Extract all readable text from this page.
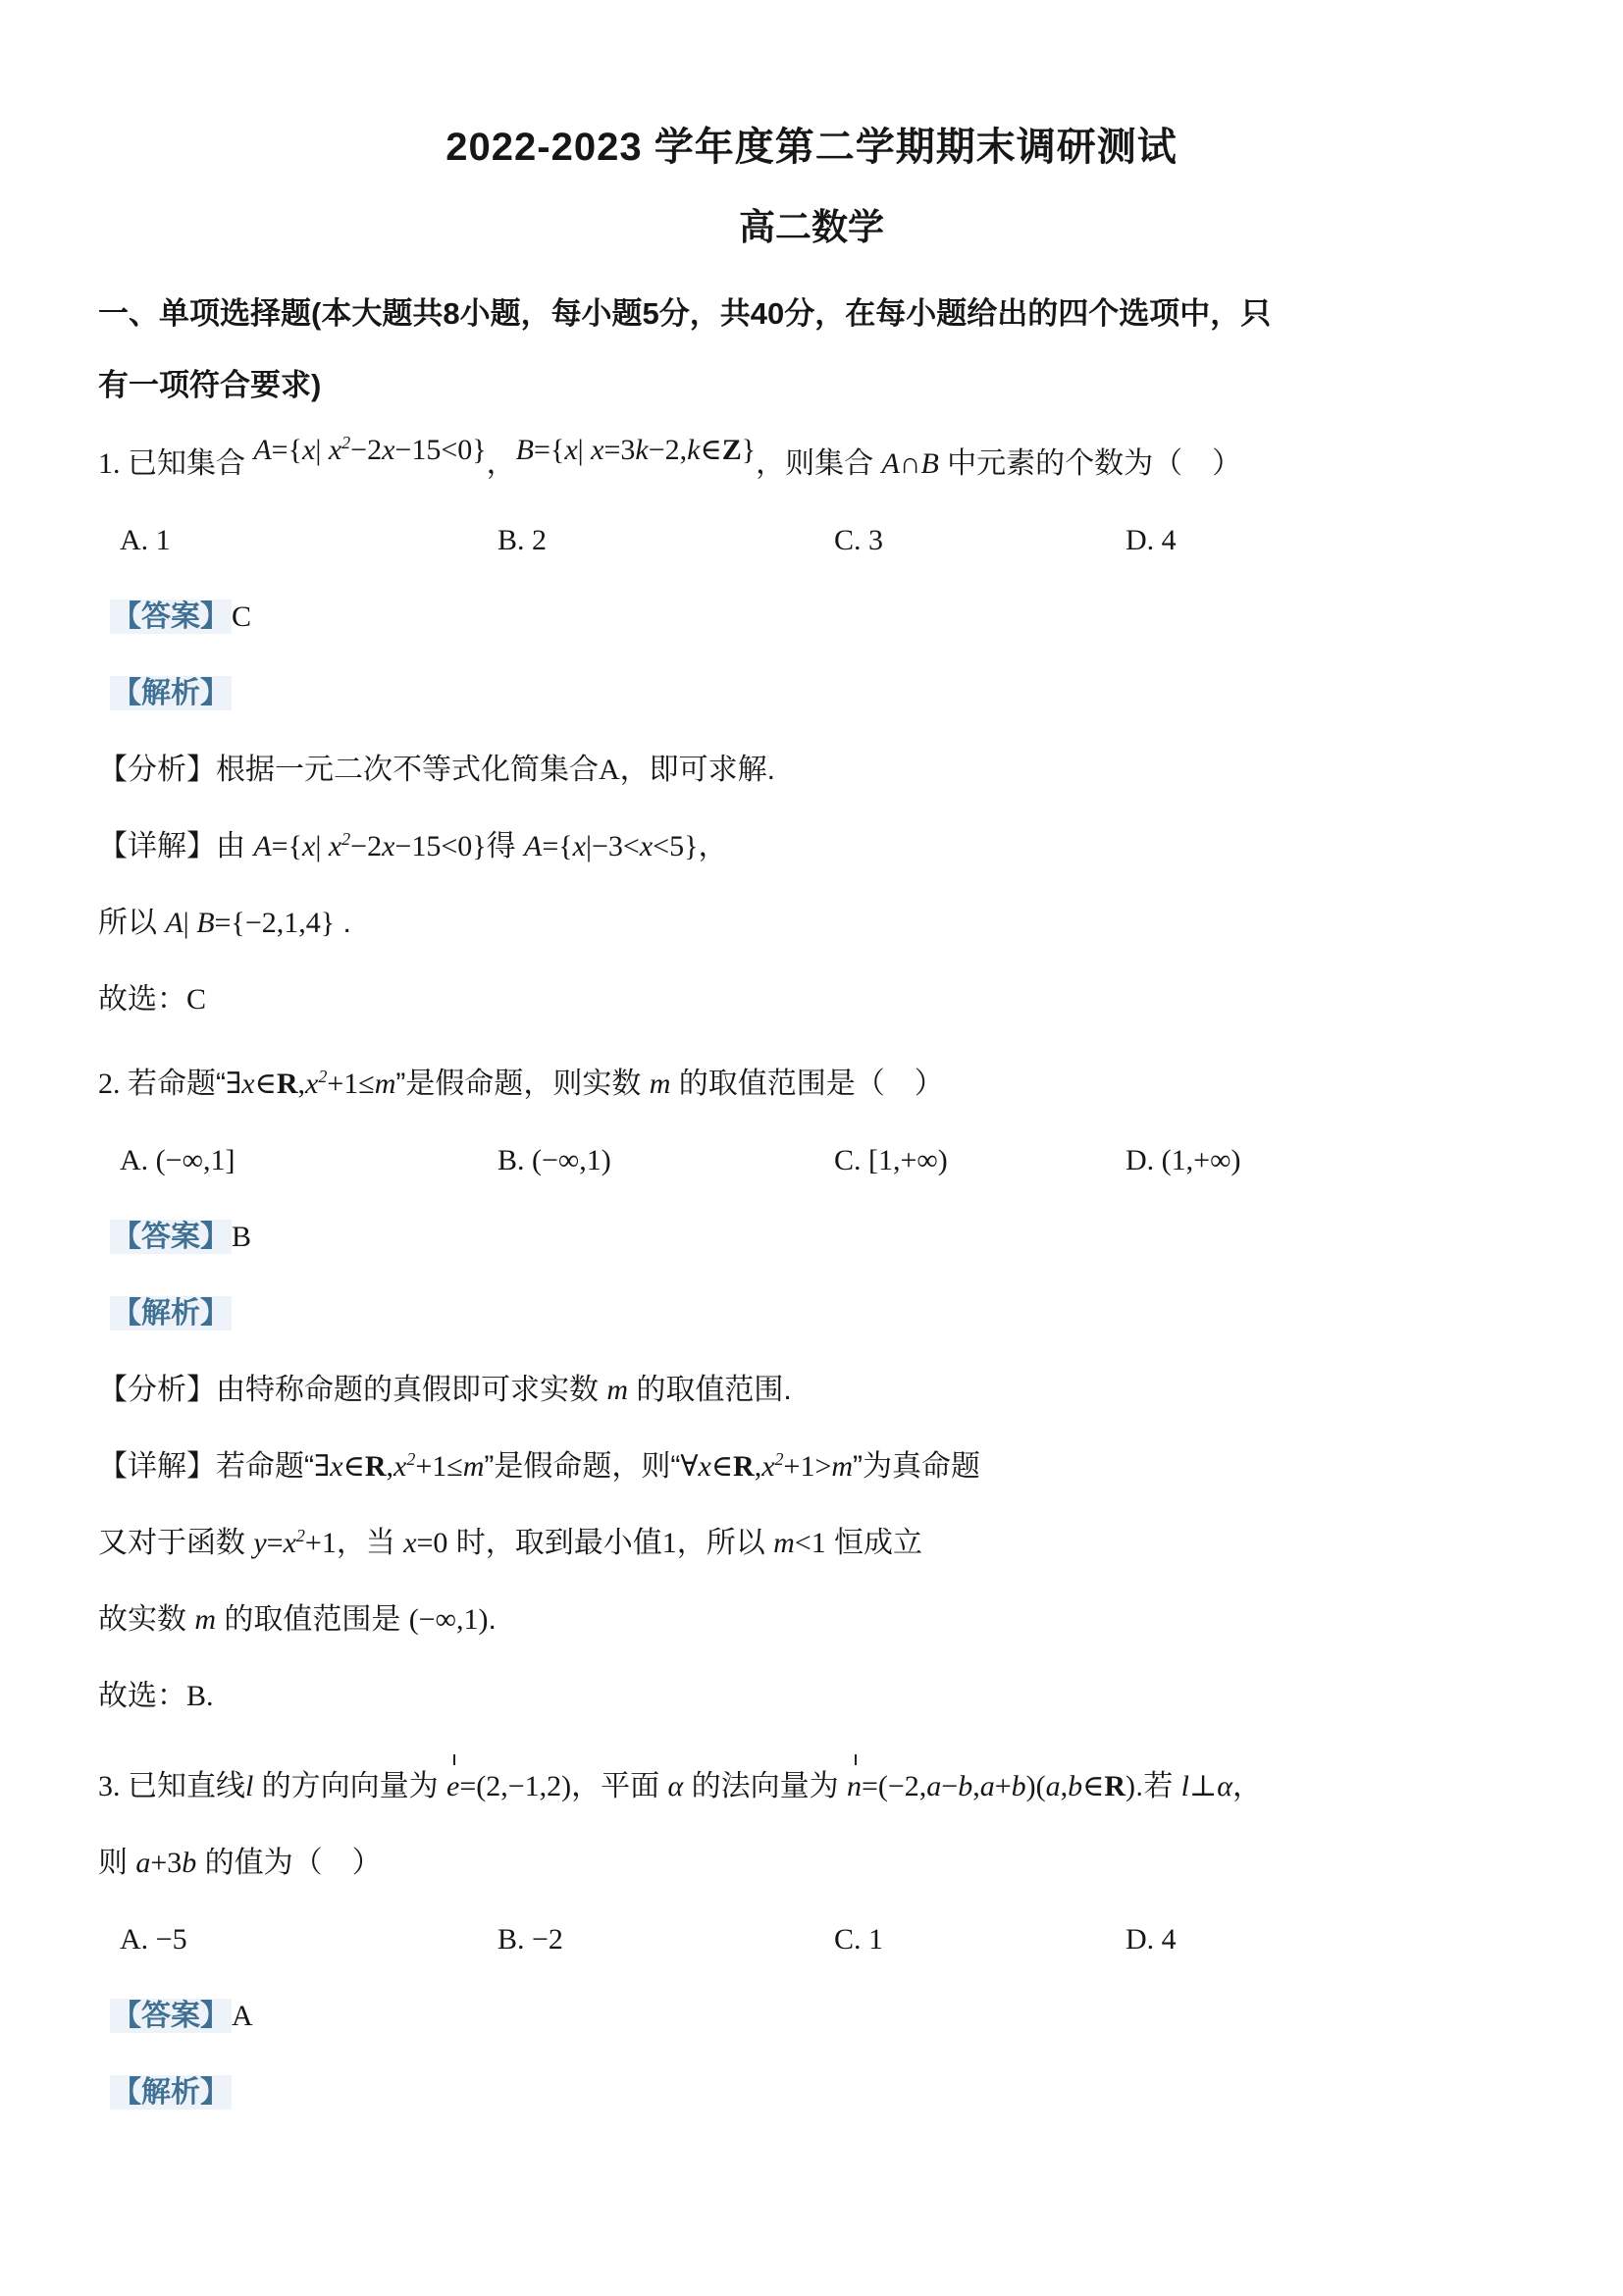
2022-2023 学年度第二学期期末调研测试
高二数学
一、单项选择题(本大题共8小题，每小题5分，共40分，在每小题给出的四个选项中，只
有一项符合要求)
1. 已知集合 A={x| x2−2x−15<0}，B={x| x=3k−2,k∈Z}，则集合 A∩B 中元素的个数为（　）
A. 1	B. 2	C. 3	D. 4
【答案】C
【解析】
【分析】根据一元二次不等式化简集合A，即可求解.
【详解】由 A={x| $x^2-2x-15<0$}得 A={x|−3<x<5}，
所以 A| B={−2,1,4} .
故选：C
2. 若命题“$\exists x\in R,x^2+1\le m$”是假命题，则实数 m 的取值范围是（　）
A. (−∞,1]	B. (−∞,1)	C. [1,+∞)	D. (1,+∞)
【答案】B
【解析】
【分析】由特称命题的真假即可求实数 m 的取值范围.
【详解】若命题“$\exists x\in R,x^2+1\le m$”是假命题，则“$\forall x\in R,x^2+1>m$”为真命题
又对于函数 $y=x^2+1$，当 x=0 时，取到最小值1，所以 m<1 恒成立
故实数 m 的取值范围是 (−∞,1).
故选：B.
3. 已知直线l 的方向向量为 e=(2,−1,2)，平面 α 的法向量为 n=(−2,a−b,a+b)(a,b∈R).若 l⊥α，
则 a+3b 的值为（　）
A. −5	B. −2	C. 1	D. 4
【答案】A
【解析】
